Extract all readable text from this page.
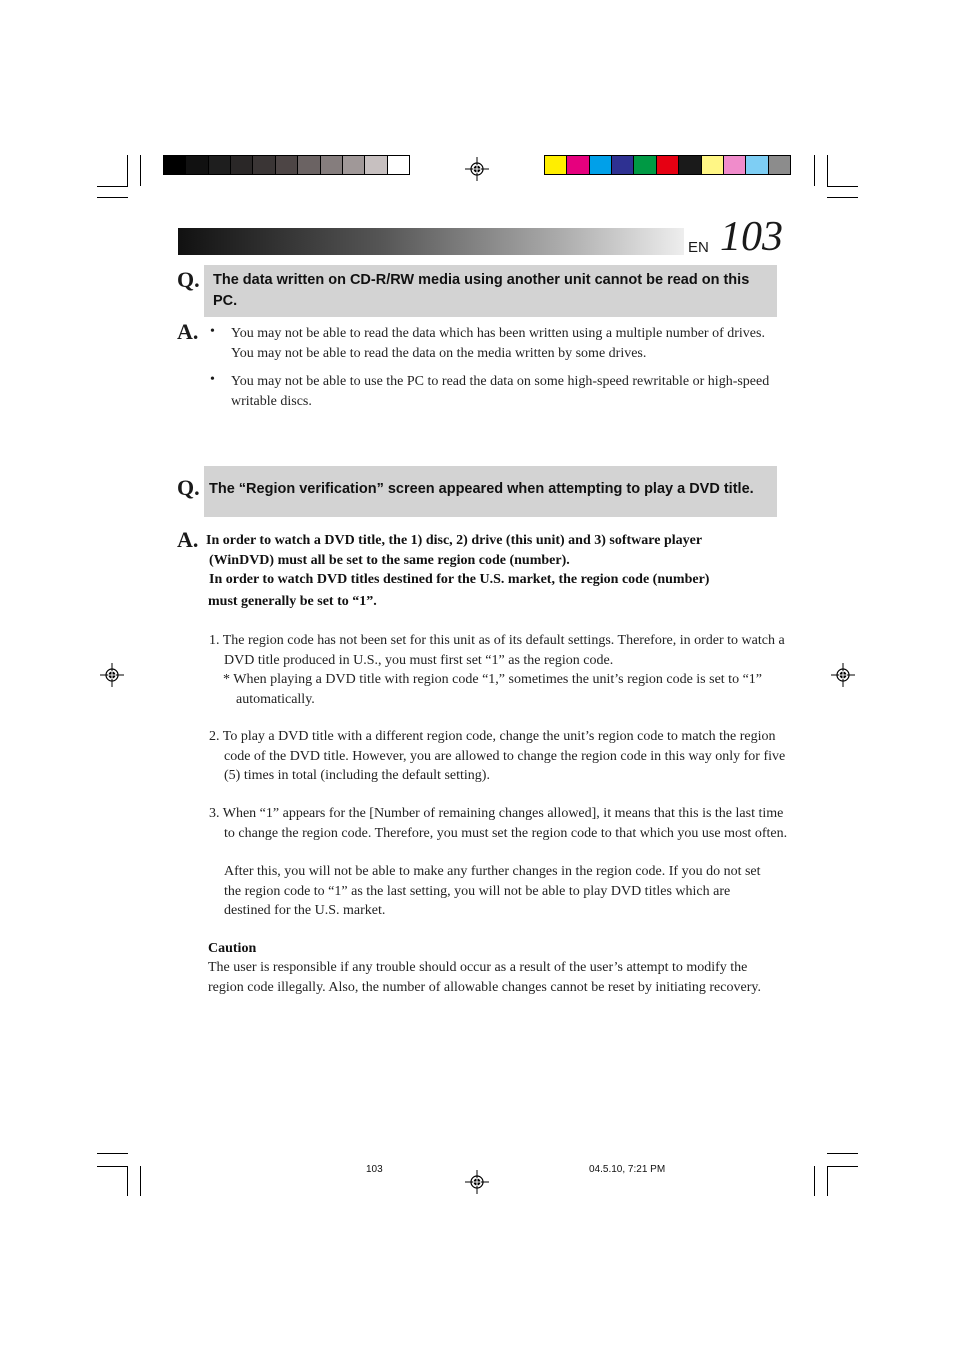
EN 103
Q. The data written on CD-R/RW media using another unit cannot be read on this PC.
A. • You may not be able to read the data which has been written using a multiple number of drives. You may not be able to read the data on the media written by some drives.
• You may not be able to use the PC to read the data on some high-speed rewritable or high-speed writable discs.
Q. The “Region verification” screen appeared when attempting to play a DVD title.
A. In order to watch a DVD title, the 1) disc, 2) drive (this unit) and 3) software player
(WinDVD) must all be set to the same region code (number).
In order to watch DVD titles destined for the U.S. market, the region code (number)
must generally be set to “1”.
1. The region code has not been set for this unit as of its default settings. Therefore, in order to watch a DVD title produced in U.S., you must first set “1” as the region code.
* When playing a DVD title with region code “1,” sometimes the unit’s region code is set to “1” automatically.
2. To play a DVD title with a different region code, change the unit’s region code to match the region code of the DVD title. However, you are allowed to change the region code in this way only for five (5) times in total (including the default setting).
3. When “1” appears for the [Number of remaining changes allowed], it means that this is the last time to change the region code. Therefore, you must set the region code to that which you use most often.
After this, you will not be able to make any further changes in the region code. If you do not set the region code to “1” as the last setting, you will not be able to play DVD titles which are destined for the U.S. market.
Caution
The user is responsible if any trouble should occur as a result of the user’s attempt to modify the region code illegally. Also, the number of allowable changes cannot be reset by initiating recovery.
103	04.5.10, 7:21 PM
